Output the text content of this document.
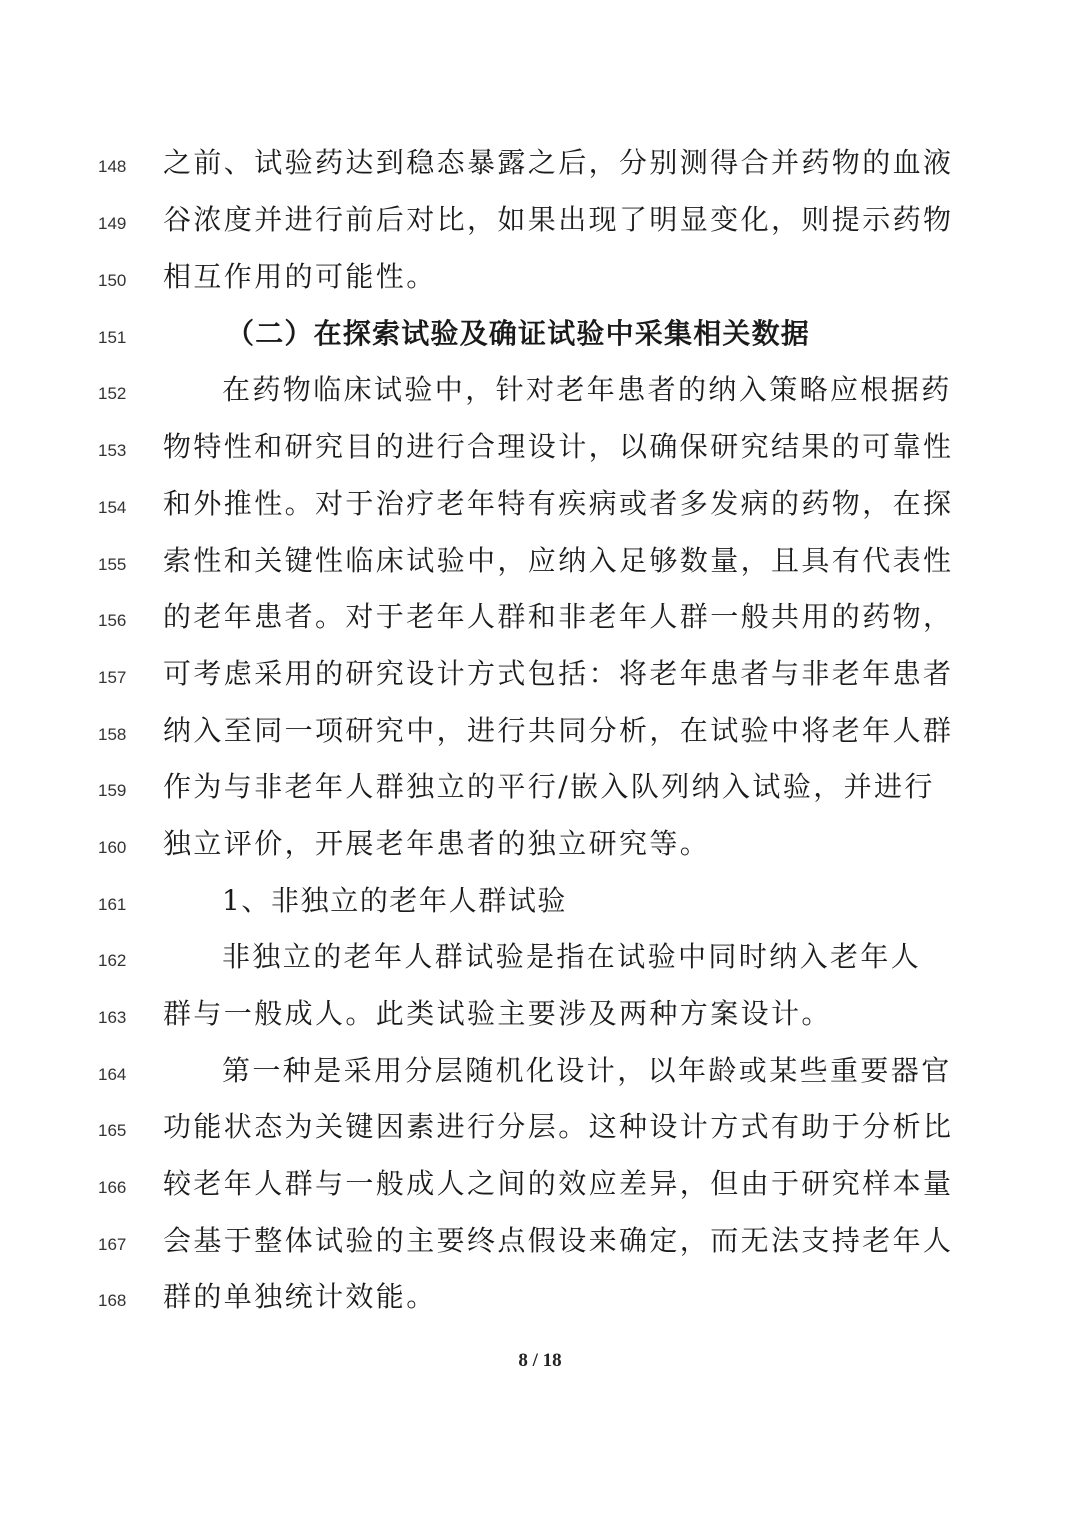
148	之前、试验药达到稳态暴露之后，分别测得合并药物的血液
149	谷浓度并进行前后对比，如果出现了明显变化，则提示药物
150	相互作用的可能性。
151	（二）在探索试验及确证试验中采集相关数据
152	在药物临床试验中，针对老年患者的纳入策略应根据药
153	物特性和研究目的进行合理设计，以确保研究结果的可靠性
154	和外推性。对于治疗老年特有疾病或者多发病的药物，在探
155	索性和关键性临床试验中，应纳入足够数量，且具有代表性
156	的老年患者。对于老年人群和非老年人群一般共用的药物，
157	可考虑采用的研究设计方式包括：将老年患者与非老年患者
158	纳入至同一项研究中，进行共同分析，在试验中将老年人群
159	作为与非老年人群独立的平行/嵌入队列纳入试验，并进行
160	独立评价，开展老年患者的独立研究等。
161	1、非独立的老年人群试验
162	非独立的老年人群试验是指在试验中同时纳入老年人
163	群与一般成人。此类试验主要涉及两种方案设计。
164	第一种是采用分层随机化设计，以年龄或某些重要器官
165	功能状态为关键因素进行分层。这种设计方式有助于分析比
166	较老年人群与一般成人之间的效应差异，但由于研究样本量
167	会基于整体试验的主要终点假设来确定，而无法支持老年人
168	群的单独统计效能。
8 / 18
